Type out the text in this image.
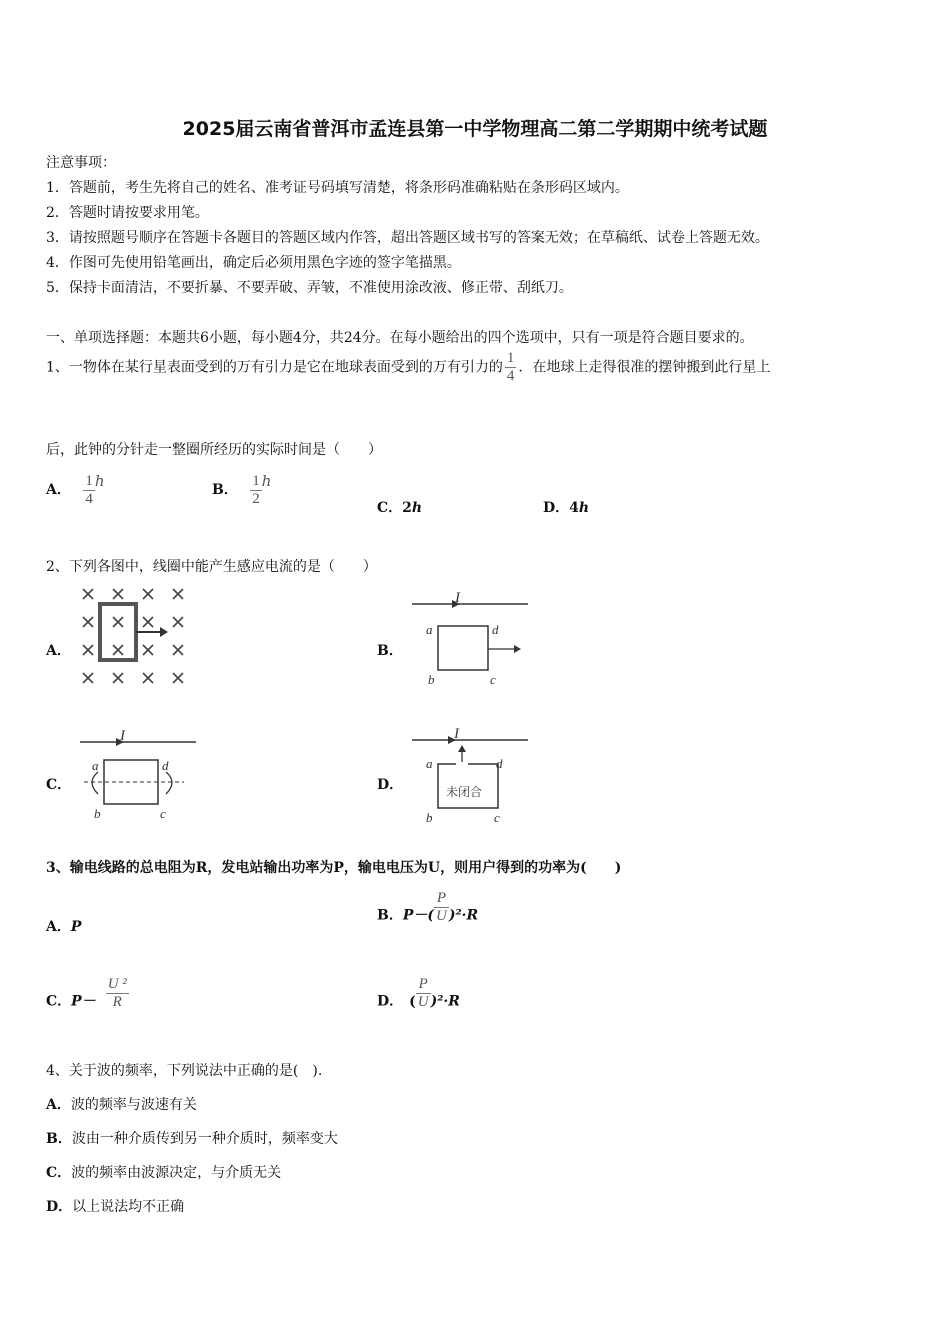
2025届云南省普洱市孟连县第一中学物理高二第二学期期中统考试题
注意事项：
1．答题前，考生先将自己的姓名、准考证号码填写清楚，将条形码准确粘贴在条形码区域内。
2．答题时请按要求用笔。
3．请按照题号顺序在答题卡各题目的答题区域内作答，超出答题区域书写的答案无效；在草稿纸、试卷上答题无效。
4．作图可先使用铅笔画出，确定后必须用黑色字迹的签字笔描黑。
5．保持卡面清洁，不要折暴、不要弄破、弄皱，不准使用涂改液、修正带、刮纸刀。
一、单项选择题：本题共6小题，每小题4分，共24分。在每小题给出的四个选项中，只有一项是符合题目要求的。
1、一物体在某行星表面受到的万有引力是它在地球表面受到的万有引力的 $\frac{1}{4}$ ．在地球上走得很准的摆钟搬到此行星上
后，此钟的分针走一整圈所经历的实际时间是（　　）
A． $\frac{1}{4}$ h	B． $\frac{1}{2}$ h
C．2h	D．4h
2、下列各图中，线圈中能产生感应电流的是（　　）
A．	B．
I
a	d
b	c
C．
I
a	d
b	c
D．
I
未闭合
a	d
b	c
3、输电线路的总电阻为R，发电站输出功率为P，输电电压为U，则用户得到的功率为(　　)
A．P
B．$P-( \frac{P}{U} )^2\cdot R$
C．$P- \frac{\text{U ²}}{R}$	D． ( $\frac{P}{U} )^2\cdot R$
4、关于波的频率，下列说法中正确的是(　).
A．波的频率与波速有关
B．波由一种介质传到另一种介质时，频率变大
C．波的频率由波源决定，与介质无关
D．以上说法均不正确
